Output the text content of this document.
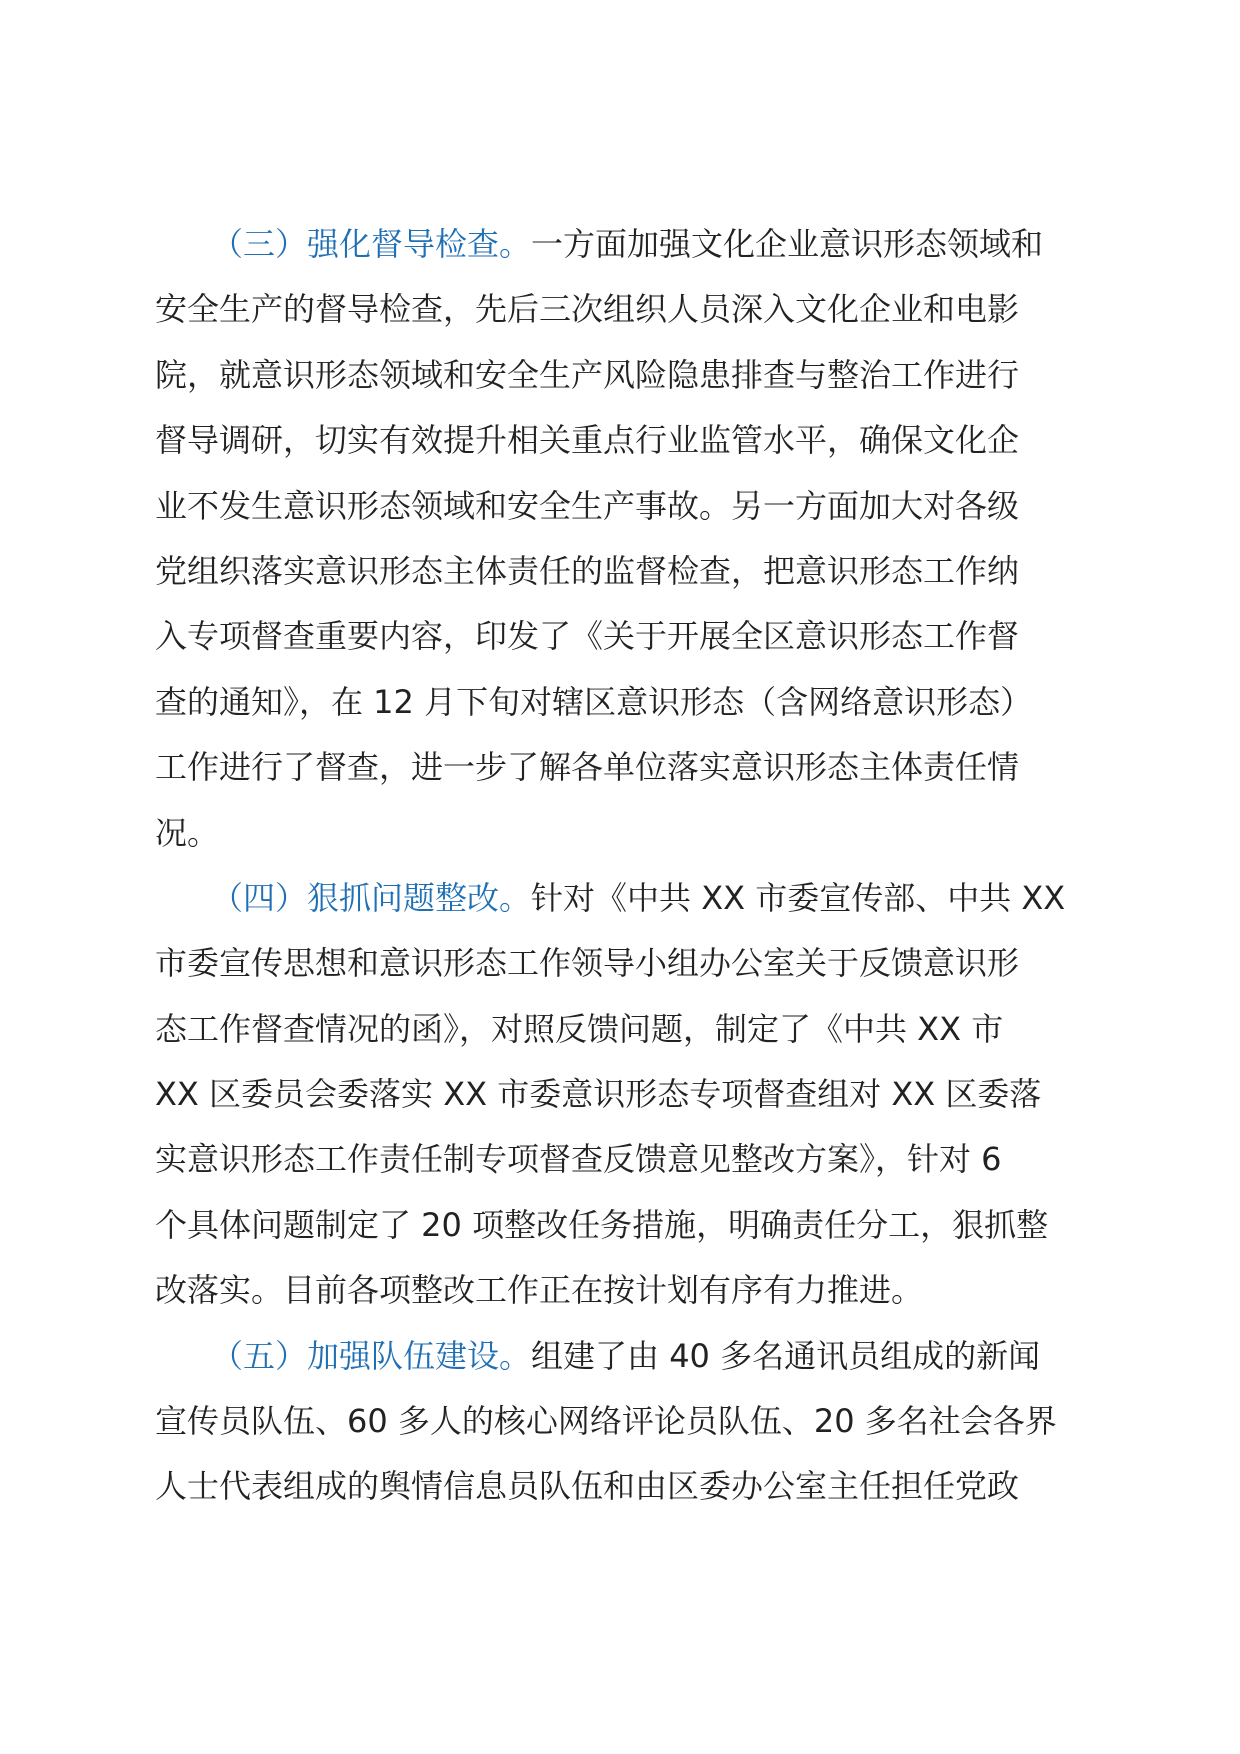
（三）强化督导检查。一方面加强文化企业意识形态领域和
安全生产的督导检查，先后三次组织人员深入文化企业和电影
院，就意识形态领域和安全生产风险隐患排查与整治工作进行
督导调研，切实有效提升相关重点行业监管水平，确保文化企
业不发生意识形态领域和安全生产事故。另一方面加大对各级
党组织落实意识形态主体责任的监督检查，把意识形态工作纳
入专项督查重要内容，印发了《关于开展全区意识形态工作督
查的通知》，在 12 月下旬对辖区意识形态（含网络意识形态）
工作进行了督查，进一步了解各单位落实意识形态主体责任情
况。

（四）狠抓问题整改。针对《中共 XX 市委宣传部、中共 XX
市委宣传思想和意识形态工作领导小组办公室关于反馈意识形
态工作督查情况的函》，对照反馈问题，制定了《中共 XX 市
XX 区委员会委落实 XX 市委意识形态专项督查组对 XX 区委落
实意识形态工作责任制专项督查反馈意见整改方案》，针对 6
个具体问题制定了 20 项整改任务措施，明确责任分工，狠抓整
改落实。目前各项整改工作正在按计划有序有力推进。

（五）加强队伍建设。组建了由 40 多名通讯员组成的新闻
宣传员队伍、60 多人的核心网络评论员队伍、20 多名社会各界
人士代表组成的舆情信息员队伍和由区委办公室主任担任党政
